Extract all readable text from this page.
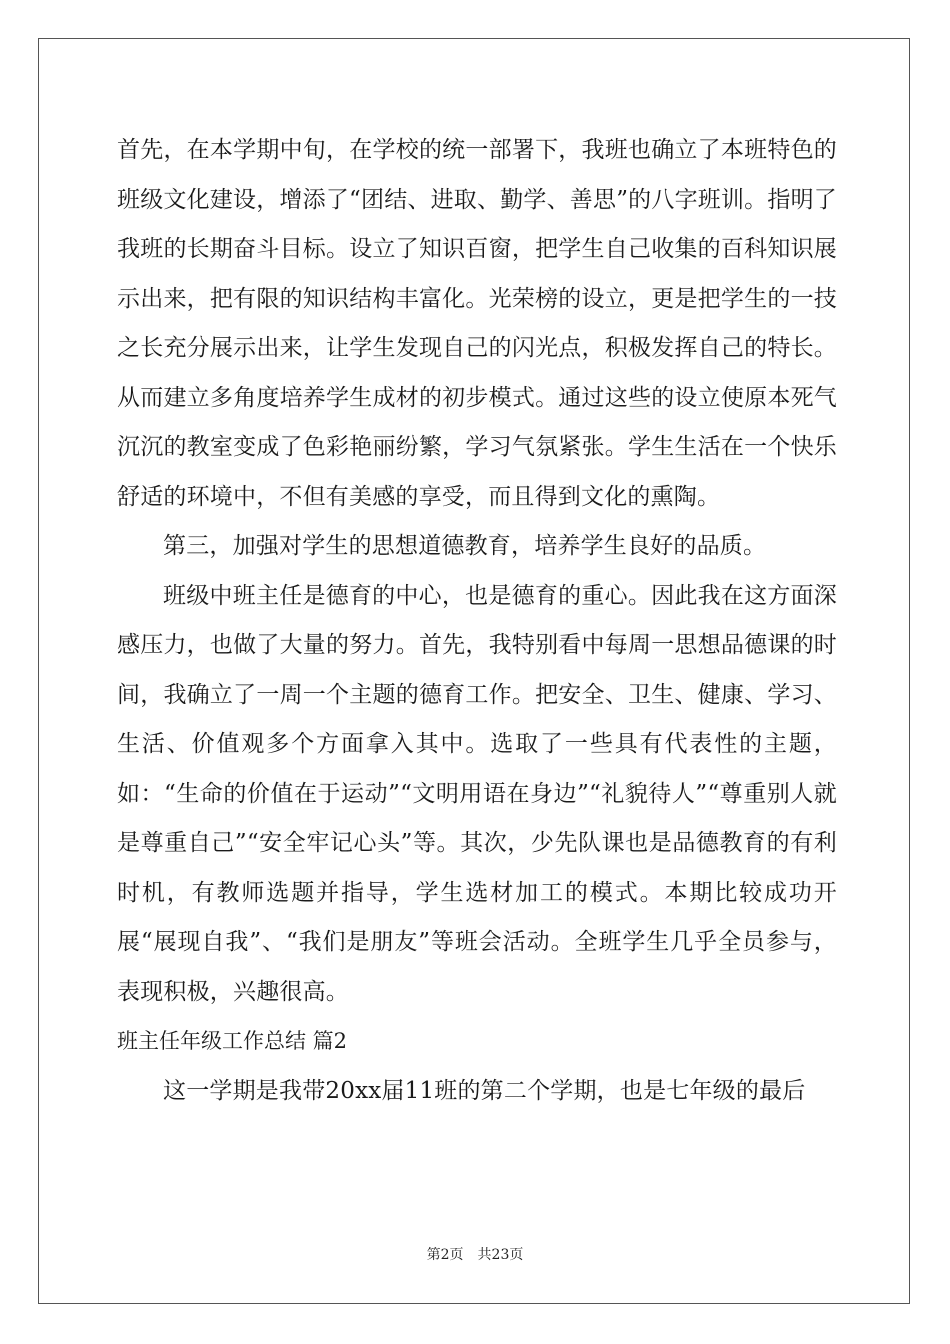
首先，在本学期中旬，在学校的统一部署下，我班也确立了本班特色的班级文化建设，增添了“团结、进取、勤学、善思”的八字班训。指明了我班的长期奋斗目标。设立了知识百窗，把学生自己收集的百科知识展示出来，把有限的知识结构丰富化。光荣榜的设立，更是把学生的一技之长充分展示出来，让学生发现自己的闪光点，积极发挥自己的特长。从而建立多角度培养学生成材的初步模式。通过这些的设立使原本死气沉沉的教室变成了色彩艳丽纷繁，学习气氛紧张。学生生活在一个快乐舒适的环境中，不但有美感的享受，而且得到文化的熏陶。

第三，加强对学生的思想道德教育，培养学生良好的品质。

班级中班主任是德育的中心，也是德育的重心。因此我在这方面深感压力，也做了大量的努力。首先，我特别看中每周一思想品德课的时间，我确立了一周一个主题的德育工作。把安全、卫生、健康、学习、生活、价值观多个方面拿入其中。选取了一些具有代表性的主题，如：“生命的价值在于运动”“文明用语在身边”“礼貌待人”“尊重别人就是尊重自己”“安全牢记心头”等。其次，少先队课也是品德教育的有利时机，有教师选题并指导，学生选材加工的模式。本期比较成功开展“展现自我”、“我们是朋友”等班会活动。全班学生几乎全员参与，表现积极，兴趣很高。

班主任年级工作总结 篇2

这一学期是我带20xx届11班的第二个学期，也是七年级的最后

第2页 共23页
